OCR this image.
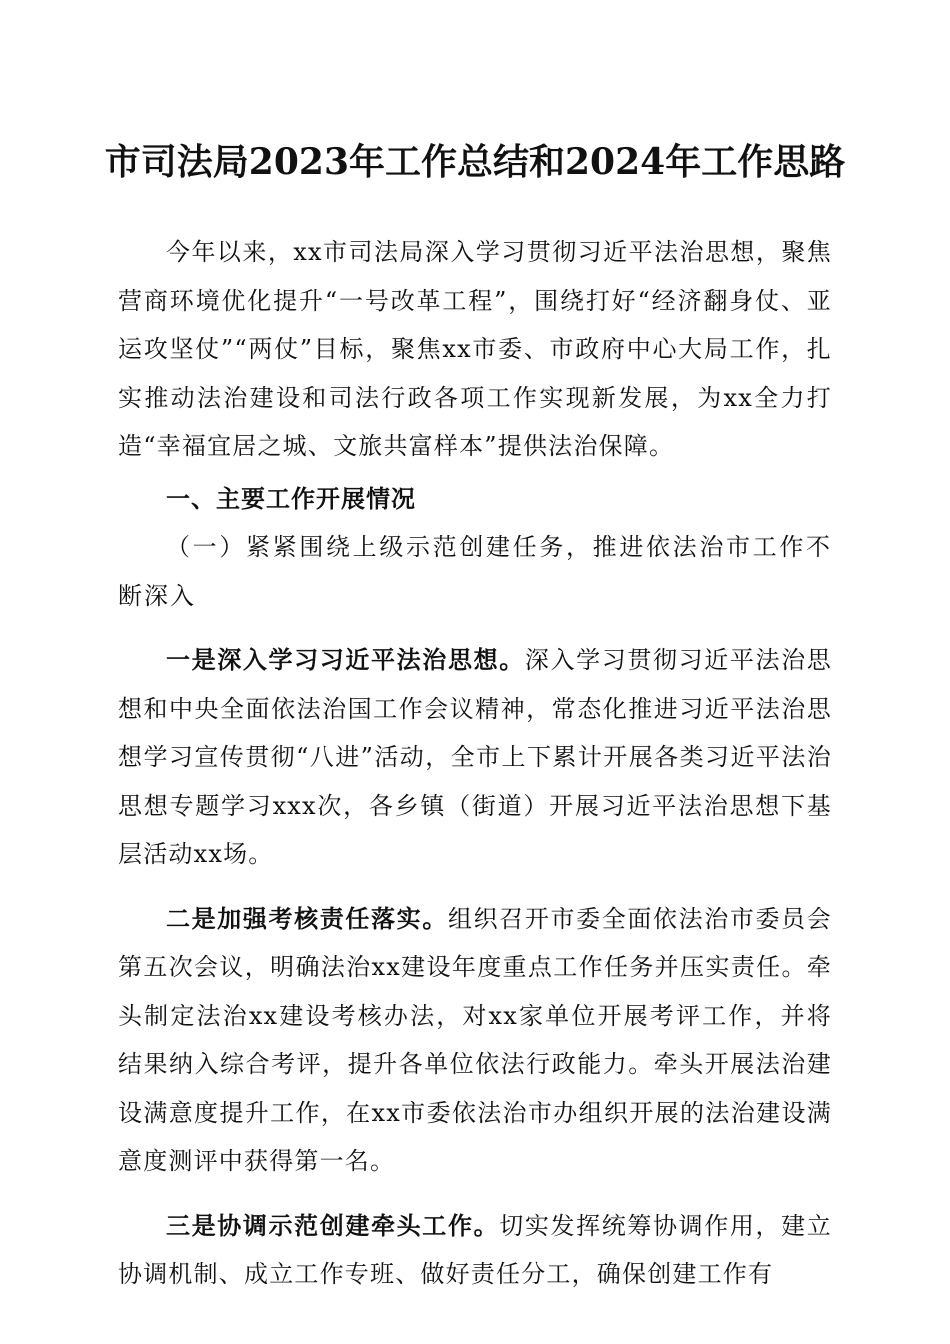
市司法局2023年工作总结和2024年工作思路

今年以来，xx市司法局深入学习贯彻习近平法治思想，聚焦营商环境优化提升“一号改革工程”，围绕打好“经济翻身仗、亚运攻坚仗”“两仗”目标，聚焦xx市委、市政府中心大局工作，扎实推动法治建设和司法行政各项工作实现新发展，为xx全力打造“幸福宜居之城、文旅共富样本”提供法治保障。

一、主要工作开展情况

（一）紧紧围绕上级示范创建任务，推进依法治市工作不断深入

一是深入学习习近平法治思想。深入学习贯彻习近平法治思想和中央全面依法治国工作会议精神，常态化推进习近平法治思想学习宣传贯彻“八进”活动，全市上下累计开展各类习近平法治思想专题学习xxx次，各乡镇（街道）开展习近平法治思想下基层活动xx场。

二是加强考核责任落实。组织召开市委全面依法治市委员会第五次会议，明确法治xx建设年度重点工作任务并压实责任。牵头制定法治xx建设考核办法，对xx家单位开展考评工作，并将结果纳入综合考评，提升各单位依法行政能力。牵头开展法治建设满意度提升工作，在xx市委依法治市办组织开展的法治建设满意度测评中获得第一名。

三是协调示范创建牵头工作。切实发挥统筹协调作用，建立协调机制、成立工作专班、做好责任分工，确保创建工作有
